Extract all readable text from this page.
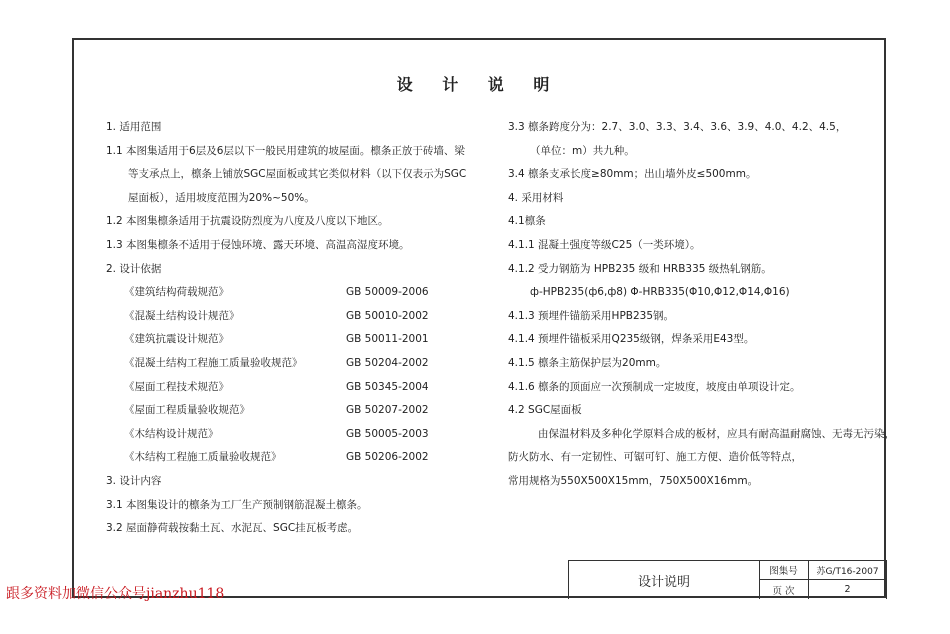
设 计 说 明
1. 适用范围
1.1 本图集适用于6层及6层以下一般民用建筑的坡屋面。檩条正放于砖墙、梁
等支承点上，檩条上铺放SGC屋面板或其它类似材料（以下仅表示为SGC
屋面板），适用坡度范围为20%~50%。
1.2 本图集檩条适用于抗震设防烈度为八度及八度以下地区。
1.3 本图集檩条不适用于侵蚀环境、露天环境、高温高湿度环境。
2. 设计依据
《建筑结构荷载规范》	GB 50009-2006
《混凝土结构设计规范》	GB 50010-2002
《建筑抗震设计规范》	GB 50011-2001
《混凝土结构工程施工质量验收规范》	GB 50204-2002
《屋面工程技术规范》	GB 50345-2004
《屋面工程质量验收规范》	GB 50207-2002
《木结构设计规范》	GB 50005-2003
《木结构工程施工质量验收规范》	GB 50206-2002
3. 设计内容
3.1 本图集设计的檩条为工厂生产预制钢筋混凝土檩条。
3.2 屋面静荷载按黏土瓦、水泥瓦、SGC挂瓦板考虑。
3.3 檩条跨度分为：2.7、3.0、3.3、3.4、3.6、3.9、4.0、4.2、4.5，
（单位：m）共九种。
3.4 檩条支承长度≥80mm；出山墙外皮≤500mm。
4. 采用材料
4.1檩条
4.1.1 混凝土强度等级C25（一类环境）。
4.1.2 受力钢筋为 HPB235 级和 HRB335 级热轧钢筋。
ф-HPB235(ф6,ф8) Φ-HRB335(Φ10,Φ12,Φ14,Φ16)
4.1.3 预埋件锚筋采用HPB235钢。
4.1.4 预埋件锚板采用Q235级钢，焊条采用E43型。
4.1.5 檩条主筋保护层为20mm。
4.1.6 檩条的顶面应一次预制成一定坡度，坡度由单项设计定。
4.2 SGC屋面板
由保温材料及多种化学原料合成的板材，应具有耐高温耐腐蚀、无毒无污染，
防火防水、有一定韧性、可锯可钉、施工方便、造价低等特点，
常用规格为550X500X15mm，750X500X16mm。
设计说明
图集号	苏G/T16-2007
页 次	2
跟多资料加微信公众号jianzhu118
